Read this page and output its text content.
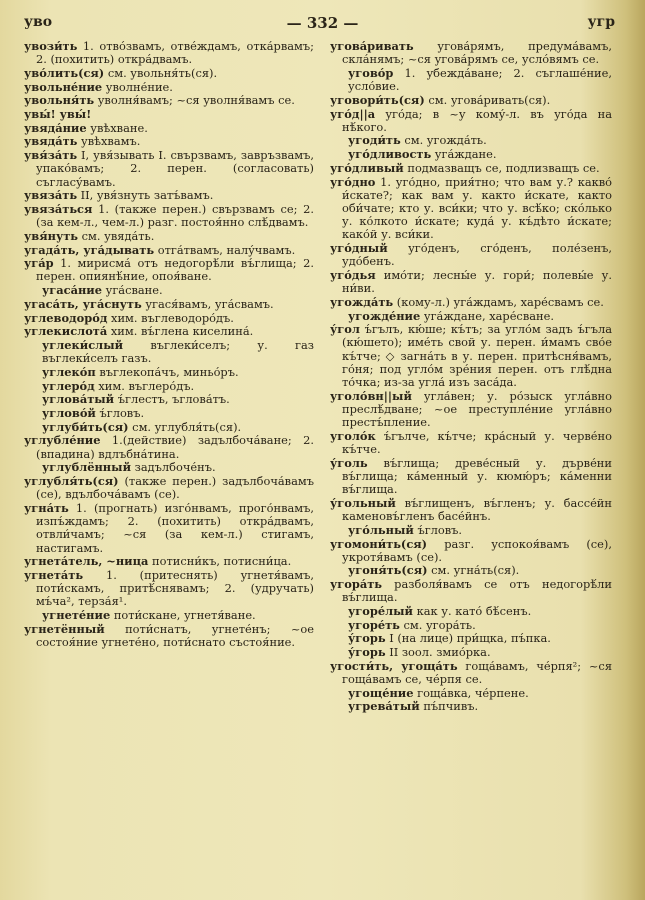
уво	— 332 —	угр
увози́ть 1. отво́звамъ, отве́ждамъ, отка́рвамъ; 2. (похитить) откра́двамъ.
уво́лить(ся) см. увольня́ть(ся).
увольне́ние уволне́ние.
увольня́ть уволня́вамъ; ~ся уволня́вамъ се.
увы́! увы́!
увяда́ние увѣхване.
увяда́ть увѣхвамъ.
увя́за́ть I, увя́зывать I. свързвамъ, завръзвамъ, упако́вамъ; 2. перен. (согласовать) съгласу́вамъ.
увяза́ть II, увя́знуть затъ́вамъ.
увяза́ться 1. (также перен.) свързвамъ се; 2. (за кем-л., чем-л.) разг. постоя́нно слѣ́двамъ.
увя́нуть см. увяда́ть.
угада́ть, уга́дывать отга́твамъ, налу́чвамъ.
уга́р 1. мирисма́ отъ недогорѣ́ли въ́глища; 2. перен. опиянѣ́ние, опоя́ване.
угаса́ние уга́сване.
угаса́ть, уга́снуть угася́вамъ, уга́свамъ.
углеводоро́д хим. въглеводоро́дъ.
углекислота́ хим. въ́глена киселина́.
углеки́слый въглеки́селъ; у. газ въглеки́селъ газъ.
углеко́п въглекопа́чъ, миньо́ръ.
углеро́д хим. въглеро́дъ.
углова́тый ъ́глестъ, ъглова́тъ.
углово́й ъ́гловъ.
углуби́ть(ся) см. углубля́ть(ся).
углубле́ние 1.(действие) задълбоча́ване; 2. (впадина) вдлъбна́тина.
углублённый задълбоче́нъ.
углубля́ть(ся) (также перен.) задълбоча́вамъ (се), вдълбоча́вамъ (се).
угна́ть 1. (прогнать) изго́нвамъ, прого́нвамъ, изпъ́ждамъ; 2. (похитить) откра́двамъ, отвли́чамъ; ~ся (за кем-л.) стигамъ, настигамъ.
угнета́тель, ~ница потисни́къ, потисни́ца.
угнета́ть 1. (притеснять) угнетя́вамъ, поти́скамъ, притѣ́снявамъ; 2. (удручать) мъ́ча², терза́я¹.
угнете́ние поти́скане, угнетя́ване.
угнетённый поти́снатъ, угнете́нъ; ~ое состоя́ние угнете́но, поти́снато състоя́ние.
угова́ривать угова́рямъ, предума́вамъ, скла́нямъ; ~ся угова́рямъ се, усло́вямъ се.
угово́р 1. убежда́ване; 2. съглаше́ние, усло́вие.
уговори́ть(ся) см. угова́ривать(ся).
уго́д||а уго́да; в ~у кому́-л. въ уго́да на нѣ́кого.
угоди́ть см. угожда́ть.
уго́дливость уга́ждане.
уго́дливый подмазващъ се, подлизващъ се.
уго́дно 1. уго́дно, прия́тно; что вам у.? какво́ и́скате?; как вам у. както и́скате, както оби́чате; кто у. вси́ки; что у. всѣ́ко; ско́лько у. ко́лкото и́скате; куда́ у. къ́дѣто и́скате; како́й у. вси́ки.
уго́дный уго́денъ, сго́денъ, поле́зенъ, удо́бенъ.
уго́дья имо́ти; лесны́е у. гори́; полевы́е у. ни́ви.
угожда́ть (кому-л.) уга́ждамъ, харе́свамъ се.
угожде́ние уга́ждане, харе́сване.
у́гол ъ́гълъ, кю́ше; къ́тъ; за угло́м задъ ъ́гъла (кю́шето); име́ть свой у. перен. и́мамъ сво́е къ́тче; ◇ загна́ть в у. перен. притѣсня́вамъ, го́ня; под угло́м зре́ния перен. отъ глѣ́дна то́чка; из-за угла́ изъ заса́да.
уголо́вн||ый угла́вен; у. ро́зыск угла́вно преслѣ́дване; ~ое преступле́ние угла́вно престъ́пление.
уголо́к ъ́гълче, къ́тче; кра́сный у. черве́но къ́тче.
у́голь въ́глища; древе́сный у. дърве́ни въ́глища; ка́менный у. кюмю́ръ; ка́менни въ́глища.
у́гольный въ́глищенъ, въ́гленъ; у. бассе́йн каменовъ́гленъ басе́йнъ.
уго́льный ъ́гловъ.
угомони́ть(ся) разг. успокоя́вамъ (се), укротя́вамъ (се).
угоня́ть(ся) см. угна́ть(ся).
угора́ть разболя́вамъ се отъ недогорѣ́ли въ́глища.
угоре́лый как у. като́ бѣ́сенъ.
угоре́ть см. угора́ть.
у́горь I (на лице) при́щка, пъ́пка.
у́горь II зоол. змио́рка.
угости́ть, угоща́ть гоща́вамъ, че́рпя²; ~ся гоща́вамъ се, че́рпя се.
угоще́ние гоща́вка, че́рпене.
угрева́тый пъ́пчивъ.
